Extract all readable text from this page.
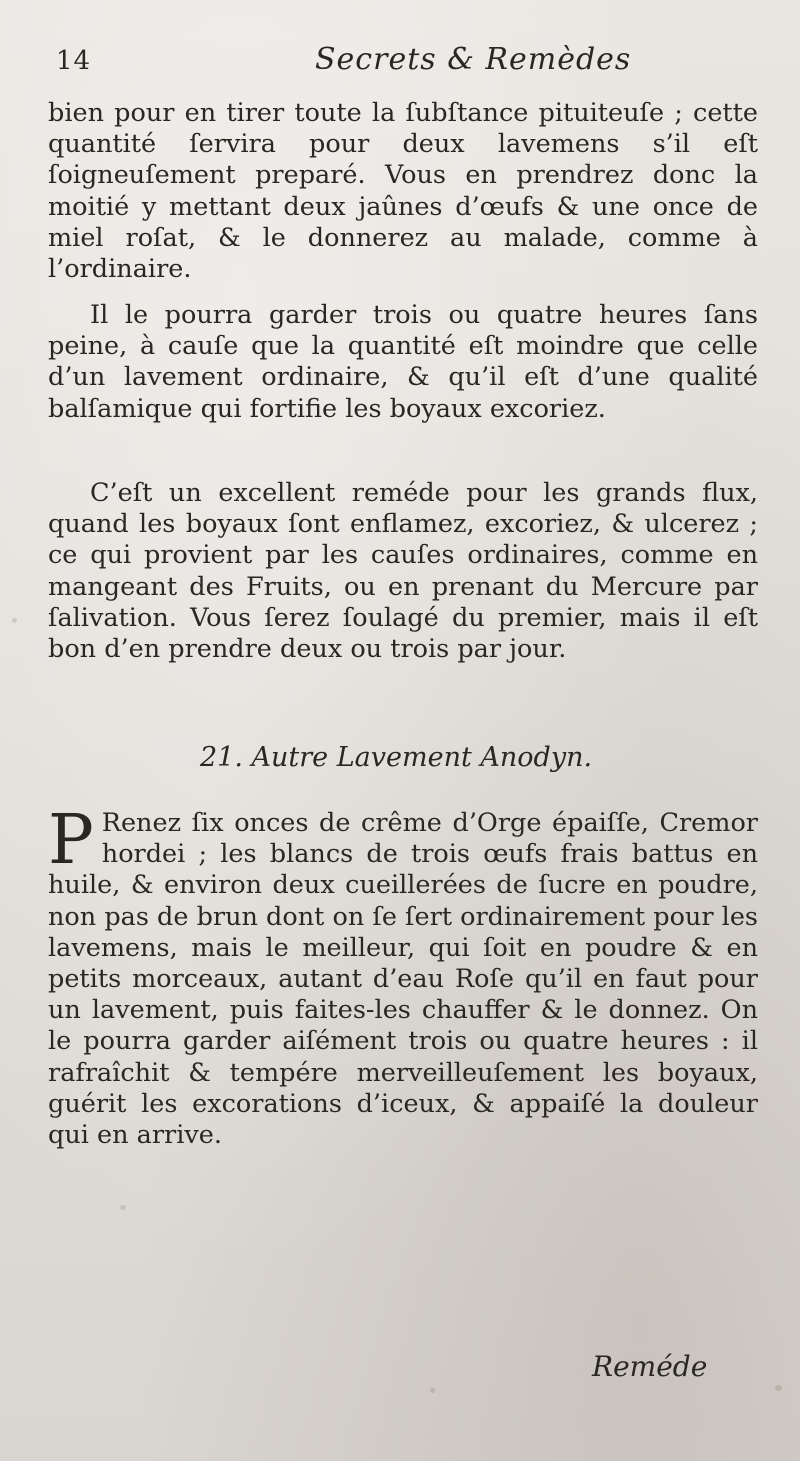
14	Secrets & Remèdes

bien pour en tirer toute la ſubſtance pituiteuſe ; cette quantité ſervira pour deux lavemens s’il eſt ſoigneuſement preparé. Vous en prendrez donc la moitié y mettant deux jaûnes d’œufs & une once de miel roſat, & le donnerez au malade, comme à l’ordinaire.

Il le pourra garder trois ou quatre heures ſans peine, à cauſe que la quantité eſt moindre que celle d’un lavement ordinaire, & qu’il eſt d’une qualité balſamique qui fortifie les boyaux excoriez.

C’eſt un excellent reméde pour les grands flux, quand les boyaux ſont enflamez, excoriez, & ulcerez ; ce qui provient par les cauſes ordinaires, comme en mangeant des Fruits, ou en prenant du Mercure par ſalivation. Vous ſerez ſoulagé du premier, mais il eſt bon d’en prendre deux ou trois par jour.

21. Autre Lavement Anodyn.
P Renez ſix onces de crême d’Orge épaiſſe, Cremor hordei ; les blancs de trois œufs frais battus en huile, & environ deux cueillerées de ſucre en poudre, non pas de brun dont on ſe ſert ordinairement pour les lavemens, mais le meilleur, qui ſoit en poudre & en petits morceaux, autant d’eau Roſe qu’il en faut pour un lavement, puis faites-les chauffer & le donnez. On le pourra garder aiſément trois ou quatre heures : il rafraîchit & tempére merveilleuſement les boyaux, guérit les excorations d’iceux, & appaiſé la douleur qui en arrive.

Reméde
